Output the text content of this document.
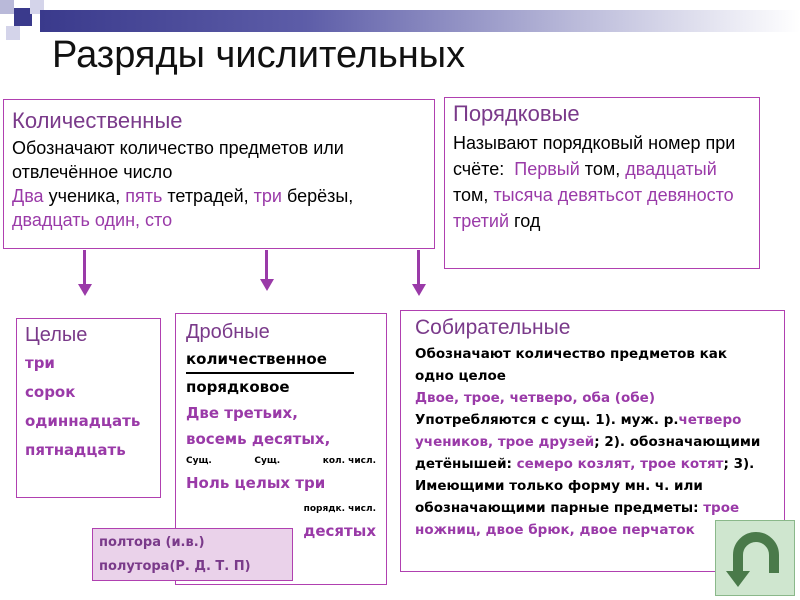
Разряды числительных
Количественные
Обозначают количество предметов или отвлечённое число
Два ученика, пять тетрадей, три берёзы,
двадцать один, сто
Порядковые
Называют порядковый номер при счёте: Первый том, двадцатый том, тысяча девятьсот девяносто третий год
Целые
три
сорок
одиннадцать
пятнадцать
Дробные
количественное
порядковое
Две третьих,
восемь десятых,
Сущ.	Сущ.	кол. числ.
Ноль целых три
порядк. числ.
десятых
Собирательные
Обозначают количество предметов как одно целое
Двое, трое, четверо, оба (обе)
Употребляются с сущ. 1). муж. р.четверо учеников, трое друзей; 2). обозначающими детёнышей: семеро козлят, трое котят; 3). Имеющими только форму мн. ч. или обозначающими парные предметы: трое ножниц, двое брюк, двое перчаток
полтора (и.в.)
полутора(Р. Д. Т. П)
